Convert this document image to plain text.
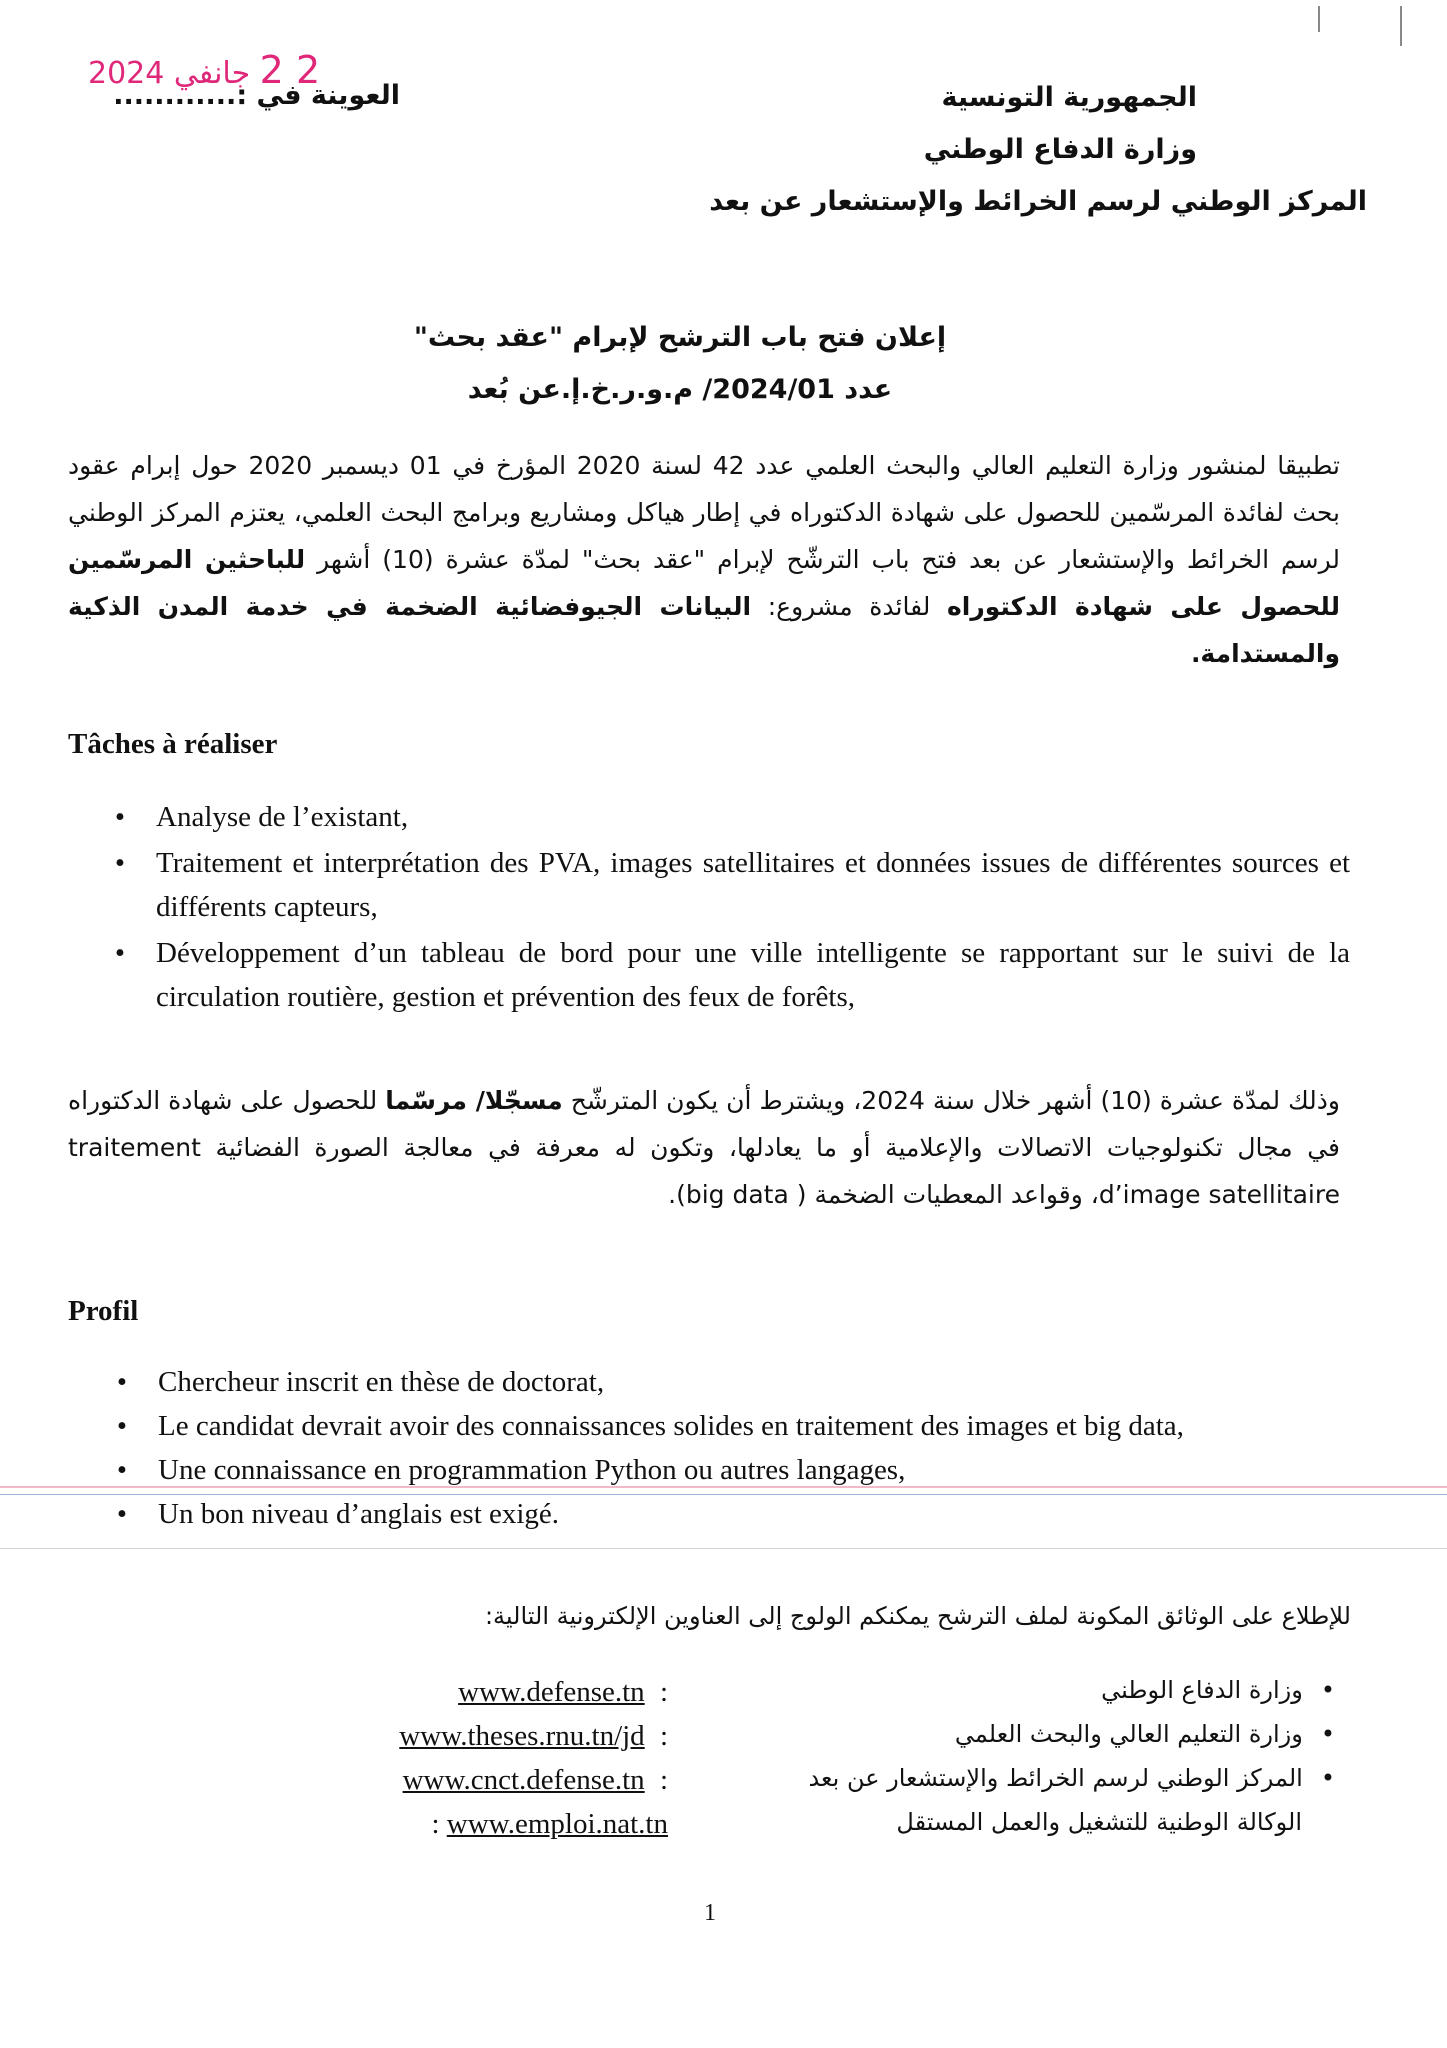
2 2 جانفي 2024
العوينة في :............	الجمهورية التونسية
وزارة الدفاع الوطني
المركز الوطني لرسم الخرائط والإستشعار عن بعد
إعلان فتح باب الترشح لإبرام "عقد بحث"
عدد 2024/01/ م.و.ر.خ.إ.عن بُعد
تطبيقا لمنشور وزارة التعليم العالي والبحث العلمي عدد 42 لسنة 2020 المؤرخ في 01 ديسمبر 2020 حول إبرام عقود بحث لفائدة المرسّمين للحصول على شهادة الدكتوراه في إطار هياكل ومشاريع وبرامج البحث العلمي، يعتزم المركز الوطني لرسم الخرائط والإستشعار عن بعد فتح باب الترشّح لإبرام "عقد بحث" لمدّة عشرة (10) أشهر للباحثين المرسّمين للحصول على شهادة الدكتوراه لفائدة مشروع: البيانات الجيوفضائية الضخمة في خدمة المدن الذكية والمستدامة.
Tâches à réaliser
• Analyse de l’existant,
• Traitement et interprétation des PVA, images satellitaires et données issues de différentes sources et différents capteurs,
• Développement d’un tableau de bord pour une ville intelligente se rapportant sur le suivi de la circulation routière, gestion et prévention des feux de forêts,
وذلك لمدّة عشرة (10) أشهر خلال سنة 2024، ويشترط أن يكون المترشّح مسجّلا/ مرسّما للحصول على شهادة الدكتوراه في مجال تكنولوجيات الاتصالات والإعلامية أو ما يعادلها، وتكون له معرفة في معالجة الصورة الفضائية traitement d’image satellitaire، وقواعد المعطيات الضخمة ( big data).
Profil
• Chercheur inscrit en thèse de doctorat,
• Le candidat devrait avoir des connaissances solides en traitement des images et big data,
• Une connaissance en programmation Python ou autres langages,
• Un bon niveau d’anglais est exigé.
للإطلاع على الوثائق المكونة لملف الترشح يمكنكم الولوج إلى العناوين الإلكترونية التالية:
•وزارة الدفاع الوطني
www.defense.tn :
•وزارة التعليم العالي والبحث العلمي
www.theses.rnu.tn/jd :
•المركز الوطني لرسم الخرائط والإستشعار عن بعد
www.cnct.defense.tn :
الوكالة الوطنية للتشغيل والعمل المستقل
: www.emploi.nat.tn
1
